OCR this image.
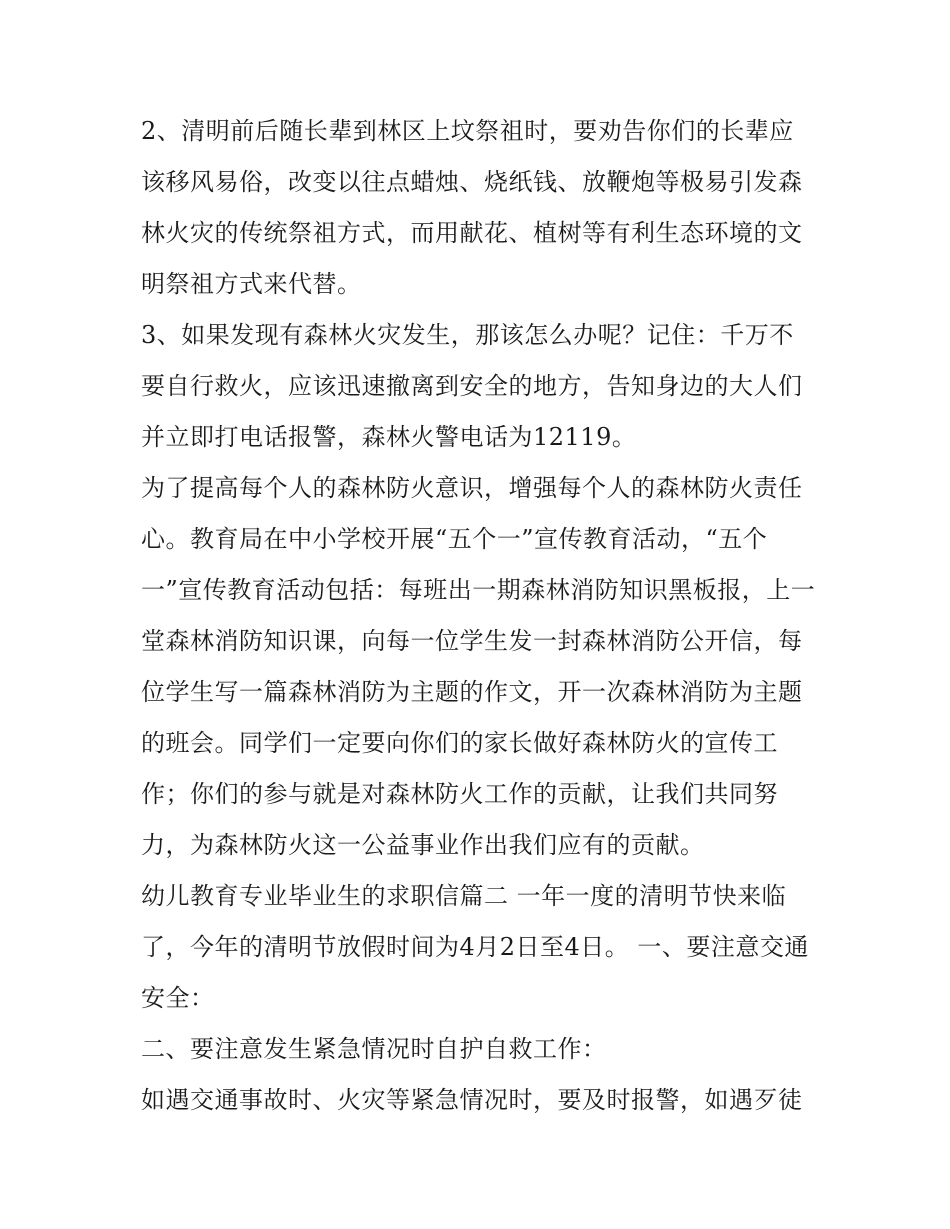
2、清明前后随长辈到林区上坟祭祖时，要劝告你们的长辈应该移风易俗，改变以往点蜡烛、烧纸钱、放鞭炮等极易引发森林火灾的传统祭祖方式，而用献花、植树等有利生态环境的文明祭祖方式来代替。

3、如果发现有森林火灾发生，那该怎么办呢？记住：千万不要自行救火，应该迅速撤离到安全的地方，告知身边的大人们并立即打电话报警，森林火警电话为12119。

为了提高每个人的森林防火意识，增强每个人的森林防火责任心。教育局在中小学校开展“五个一”宣传教育活动，“五个一”宣传教育活动包括：每班出一期森林消防知识黑板报，上一堂森林消防知识课，向每一位学生发一封森林消防公开信，每位学生写一篇森林消防为主题的作文，开一次森林消防为主题的班会。同学们一定要向你们的家长做好森林防火的宣传工作；你们的参与就是对森林防火工作的贡献，让我们共同努力，为森林防火这一公益事业作出我们应有的贡献。

幼儿教育专业毕业生的求职信篇二 一年一度的清明节快来临了，今年的清明节放假时间为4月2日至4日。 一、要注意交通安全：

二、要注意发生紧急情况时自护自救工作：

如遇交通事故时、火灾等紧急情况时，要及时报警，如遇歹徒
